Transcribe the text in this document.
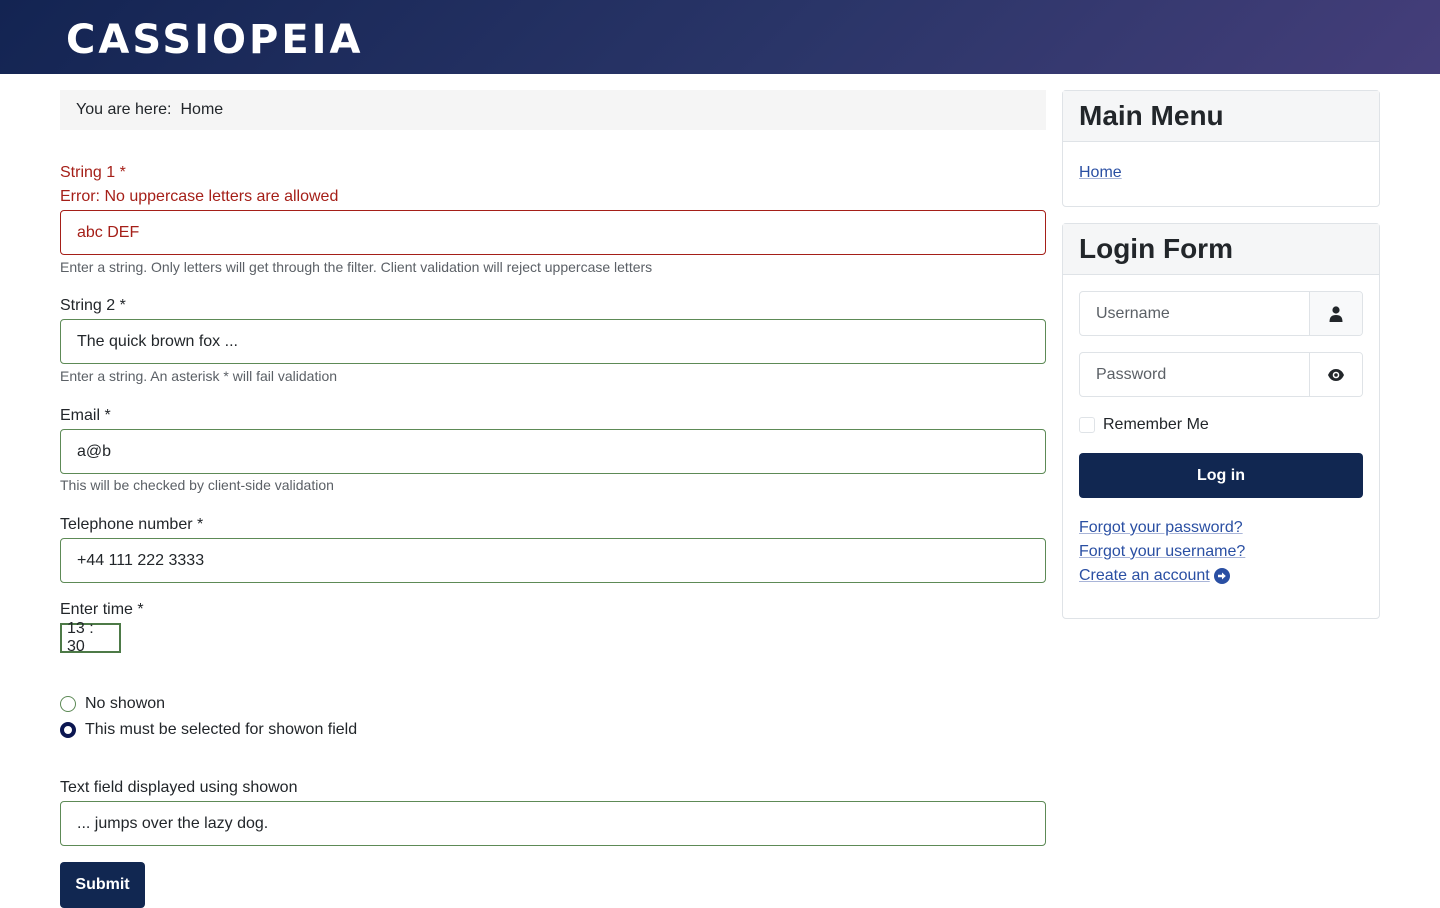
CASSIOPEIA
You are here: Home
String 1 *
Error: No uppercase letters are allowed
abc DEF
Enter a string. Only letters will get through the filter. Client validation will reject uppercase letters
String 2 *
The quick brown fox ...
Enter a string. An asterisk * will fail validation
Email *
a@b
This will be checked by client-side validation
Telephone number *
+44 111 222 3333
Enter time *
13 : 30
No showon
This must be selected for showon field
Text field displayed using showon
... jumps over the lazy dog.
Submit
Main Menu
Home
Login Form
Username
Password
Remember Me
Log in
Forgot your password?
Forgot your username?
Create an account
